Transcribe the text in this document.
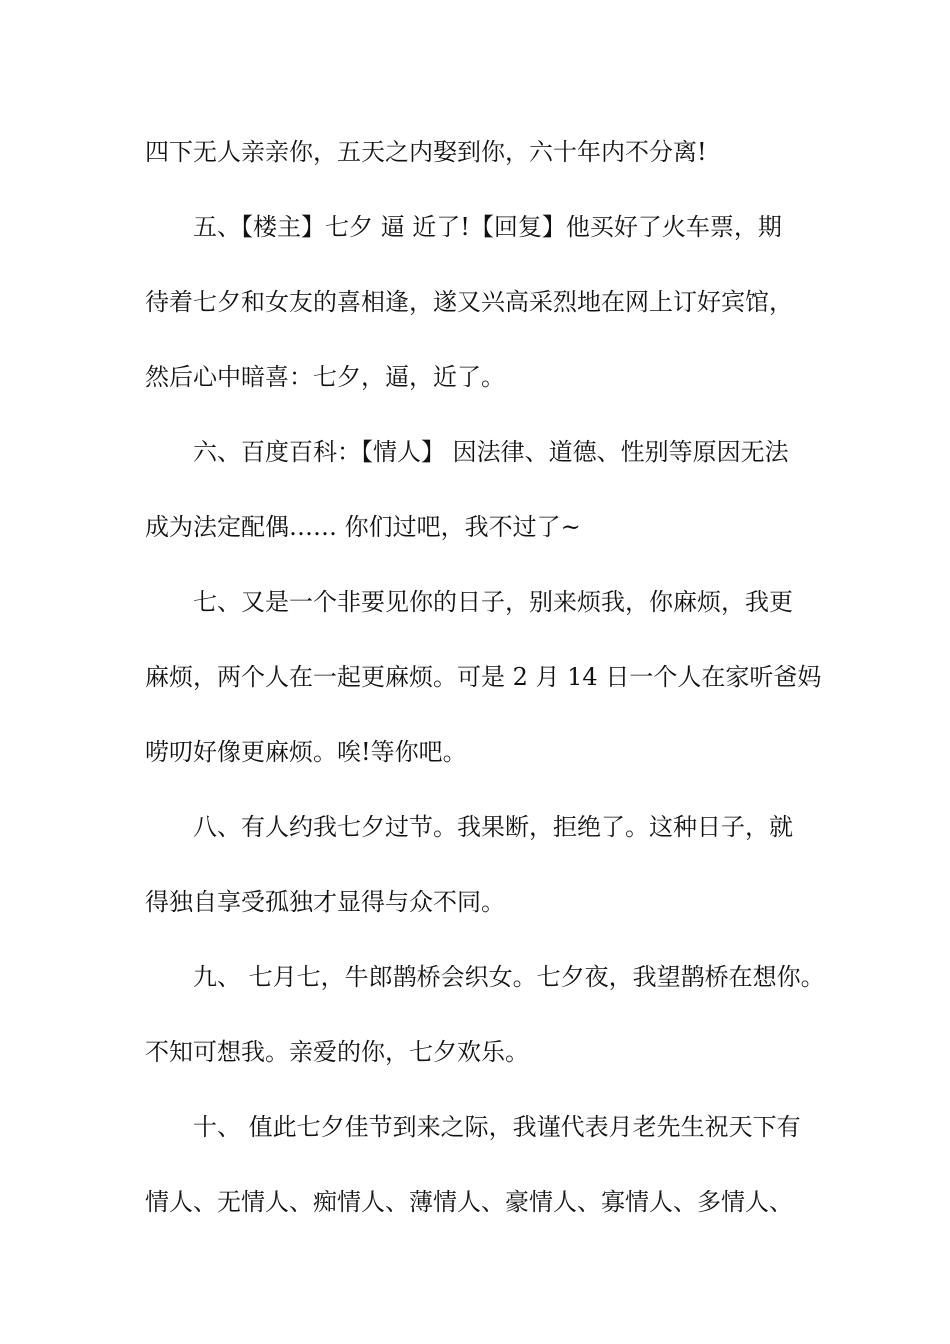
四下无人亲亲你，五天之内娶到你，六十年内不分离!
五、【楼主】七夕 逼 近了!【回复】他买好了火车票，期
待着七夕和女友的喜相逢，遂又兴高采烈地在网上订好宾馆，
然后心中暗喜：七夕，逼，近了。
六、百度百科：【情人】 因法律、道德、性别等原因无法
成为法定配偶…… 你们过吧，我不过了~
七、又是一个非要见你的日子，别来烦我，你麻烦，我更
麻烦，两个人在一起更麻烦。可是 2 月 14 日一个人在家听爸妈
唠叨好像更麻烦。唉!等你吧。
八、有人约我七夕过节。我果断，拒绝了。这种日子，就
得独自享受孤独才显得与众不同。
九、 七月七，牛郎鹊桥会织女。七夕夜，我望鹊桥在想你。
不知可想我。亲爱的你，七夕欢乐。
十、 值此七夕佳节到来之际，我谨代表月老先生祝天下有
情人、无情人、痴情人、薄情人、豪情人、寡情人、多情人、
